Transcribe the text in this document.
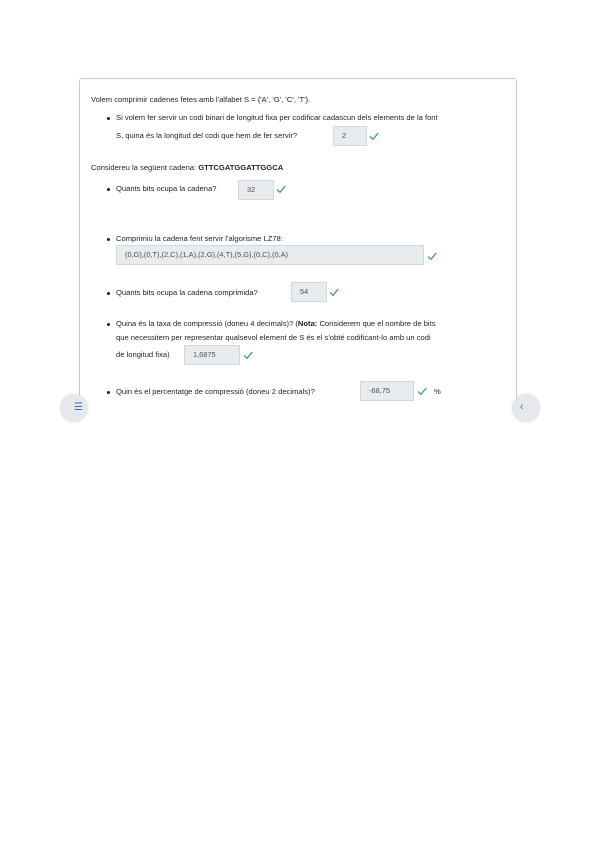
Volem comprimir cadenes fetes amb l'alfabet S = {'A', 'G', 'C', 'T'}.
Si volem fer servir un codi binari de longitud fixa per codificar cadascun dels elements de la font
S, quina és la longitud del codi que hem de fer servir?	2
Considereu la següent cadena: GTTCGATGGATTGGCA
Quants bits ocupa la cadena?	32
Comprimiu la cadena fent servir l'algorisme LZ78:
(0,G),(0,T),(2,C),(1,A),(2,G),(4,T),(5,G),(0,C),(0,A)
Quants bits ocupa la cadena comprimida?	54
Quina és la taxa de compressió (doneu 4 decimals)? (Nota: Considerem que el nombre de bits
que necessitem per representar qualsevol element de S és el s'obté codificant-lo amb un codi
de longitud fixa)	1,6875
Quin és el percentatge de compressió (doneu 2 decimals)?	-68,75	%
☰	‹
